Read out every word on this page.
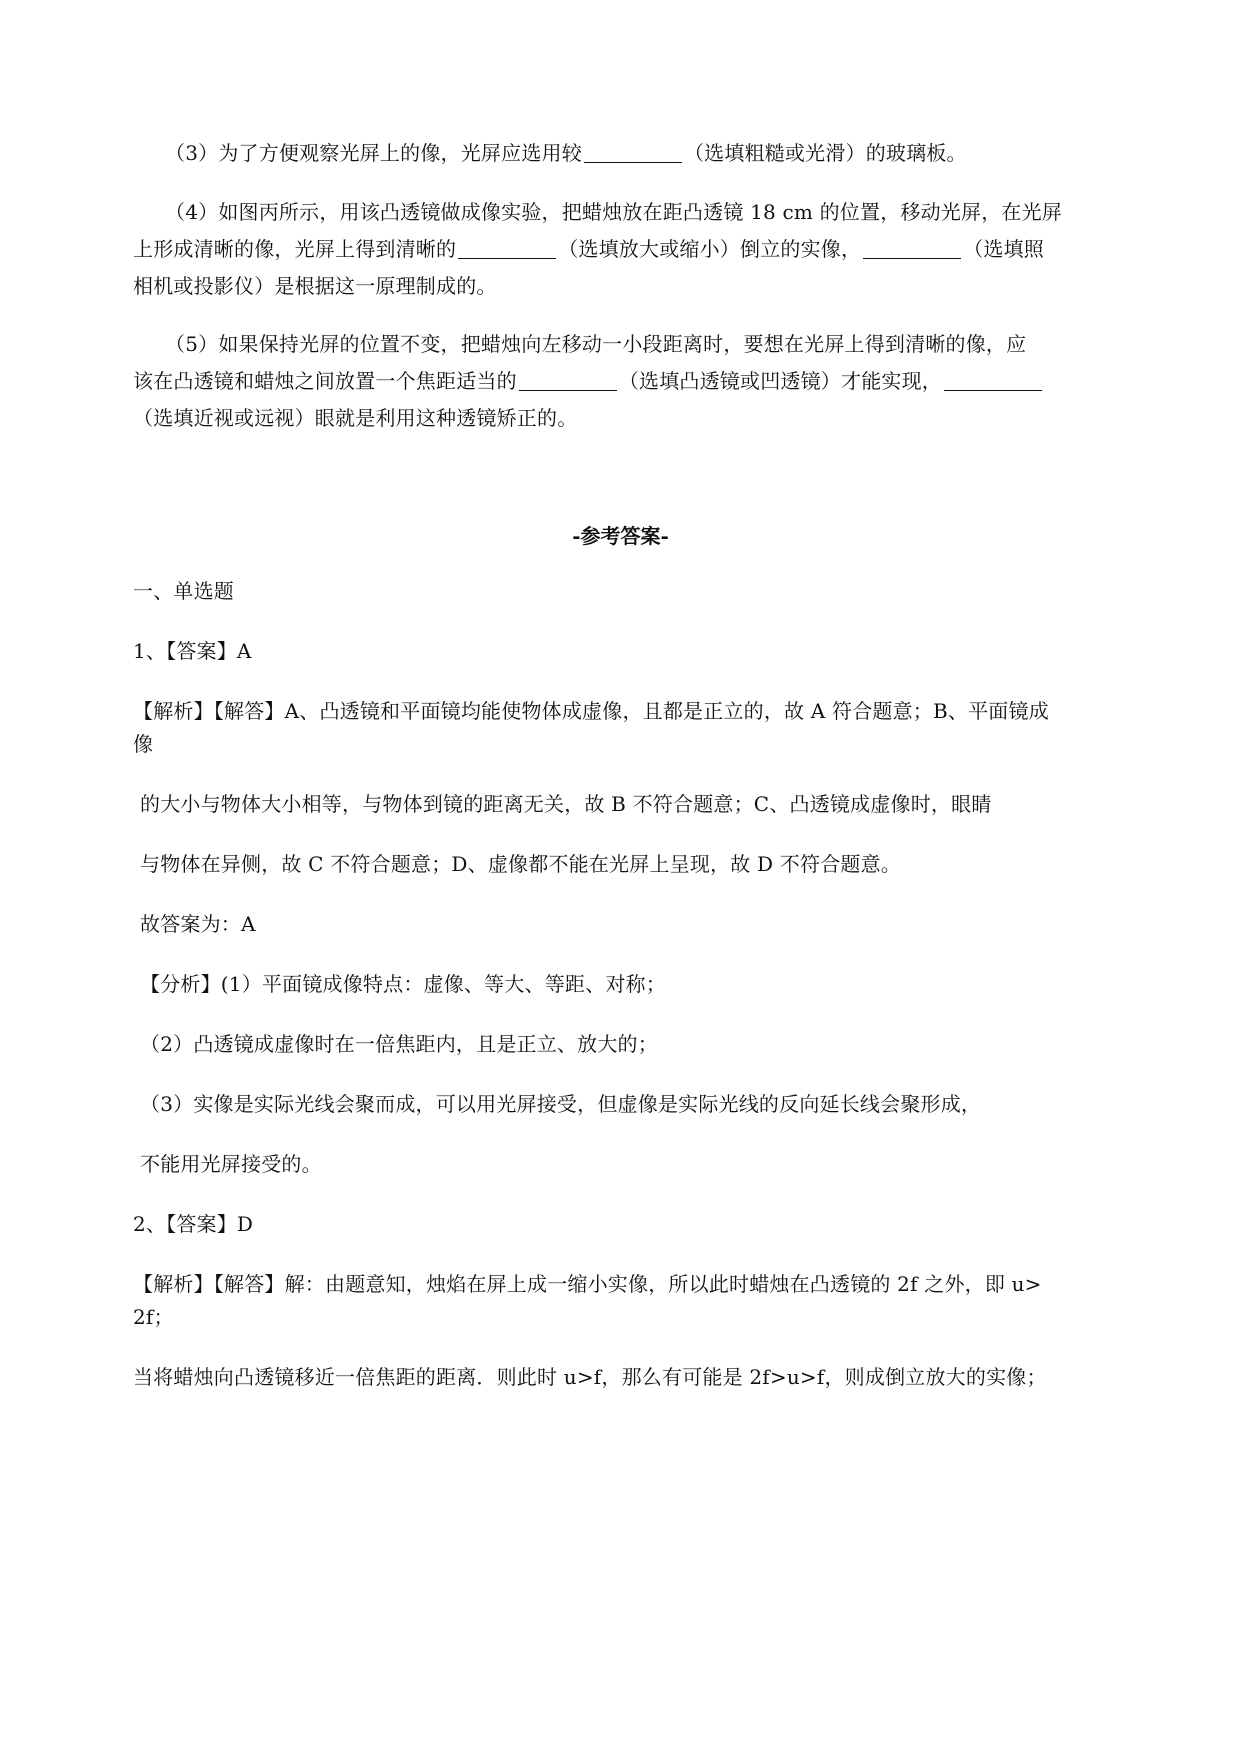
（3）为了方便观察光屏上的像，光屏应选用较	（选填粗糙或光滑）的玻璃板。
（4）如图丙所示，用该凸透镜做成像实验，把蜡烛放在距凸透镜 18 cm 的位置，移动光屏，在光屏
上形成清晰的像，光屏上得到清晰的	（选填放大或缩小）倒立的实像，	（选填照
相机或投影仪）是根据这一原理制成的。
（5）如果保持光屏的位置不变，把蜡烛向左移动一小段距离时，要想在光屏上得到清晰的像，应
该在凸透镜和蜡烛之间放置一个焦距适当的	（选填凸透镜或凹透镜）才能实现，
（选填近视或远视）眼就是利用这种透镜矫正的。
-参考答案-
一、单选题
1、【答案】A
【解析】【解答】A、凸透镜和平面镜均能使物体成虚像，且都是正立的，故 A 符合题意；B、平面镜成
像
的大小与物体大小相等，与物体到镜的距离无关，故 B 不符合题意；C、凸透镜成虚像时，眼睛
与物体在异侧，故 C 不符合题意；D、虚像都不能在光屏上呈现，故 D 不符合题意。
故答案为：A
【分析】(1）平面镜成像特点：虚像、等大、等距、对称；
（2）凸透镜成虚像时在一倍焦距内，且是正立、放大的；
（3）实像是实际光线会聚而成，可以用光屏接受，但虚像是实际光线的反向延长线会聚形成，
不能用光屏接受的。
2、【答案】D
【解析】【解答】解：由题意知，烛焰在屏上成一缩小实像，所以此时蜡烛在凸透镜的 2f 之外，即 u>
2f；
当将蜡烛向凸透镜移近一倍焦距的距离．则此时 u>f，那么有可能是 2f>u>f，则成倒立放大的实像；
